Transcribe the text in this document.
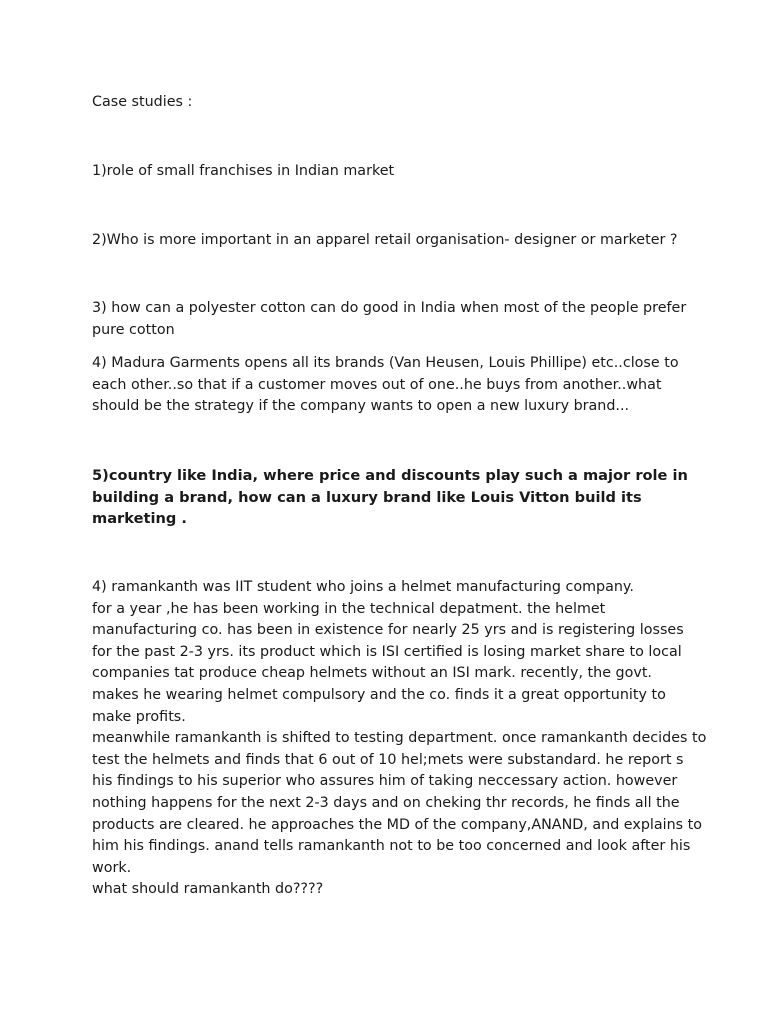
Case studies :

1)role of small franchises in Indian market

2)Who is more important in an apparel retail organisation- designer or marketer ?

3) how can a polyester cotton can do good in India when most of the people prefer
pure cotton

4) Madura Garments opens all its brands (Van Heusen, Louis Phillipe) etc..close to
each other..so that if a customer moves out of one..he buys from another..what
should be the strategy if the company wants to open a new luxury brand...

5)country like India, where price and discounts play such a major role in
building a brand, how can a luxury brand like Louis Vitton build its
marketing .

4) ramankanth was IIT student who joins a helmet manufacturing company.
for a year ,he has been working in the technical depatment. the helmet
manufacturing co. has been in existence for nearly 25 yrs and is registering losses
for the past 2-3 yrs. its product which is ISI certified is losing market share to local
companies tat produce cheap helmets without an ISI mark. recently, the govt.
makes he wearing helmet compulsory and the co. finds it a great opportunity to
make profits.
meanwhile ramankanth is shifted to testing department. once ramankanth decides to
test the helmets and finds that 6 out of 10 hel;mets were substandard. he report s
his findings to his superior who assures him of taking neccessary action. however
nothing happens for the next 2-3 days and on cheking thr records, he finds all the
products are cleared. he approaches the MD of the company,ANAND, and explains to
him his findings. anand tells ramankanth not to be too concerned and look after his
work.
what should ramankanth do????
